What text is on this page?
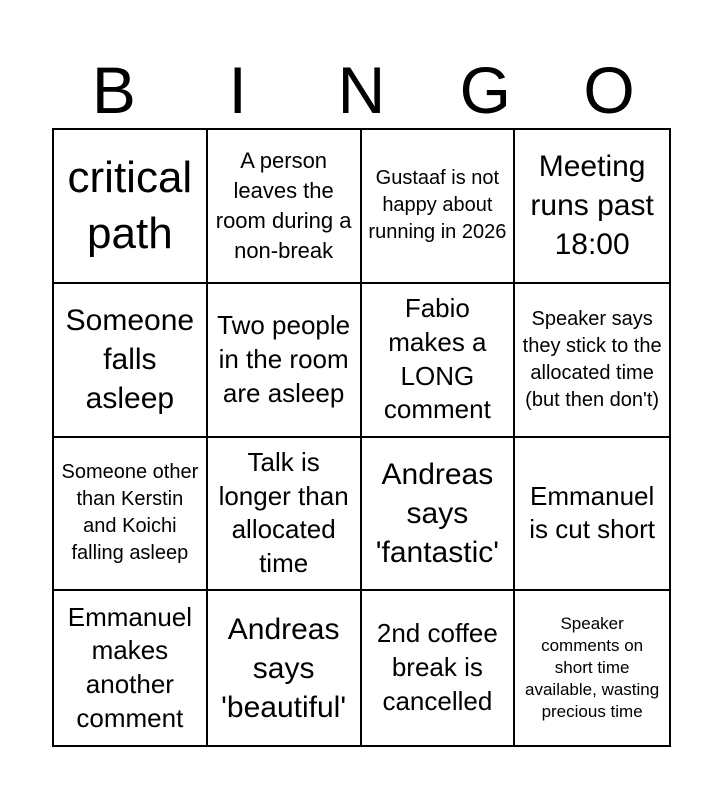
B	I	N	G	O
critical path
A person leaves the room during a non-break
Gustaaf is not happy about running in 2026
Meeting runs past 18:00
Someone falls asleep
Two people in the room are asleep
Fabio makes a LONG comment
Speaker says they stick to the allocated time (but then don't)
Someone other than Kerstin and Koichi falling asleep
Talk is longer than allocated time
Andreas says 'fantastic'
Emmanuel is cut short
Emmanuel makes another comment
Andreas says 'beautiful'
2nd coffee break is cancelled
Speaker comments on short time available, wasting precious time
